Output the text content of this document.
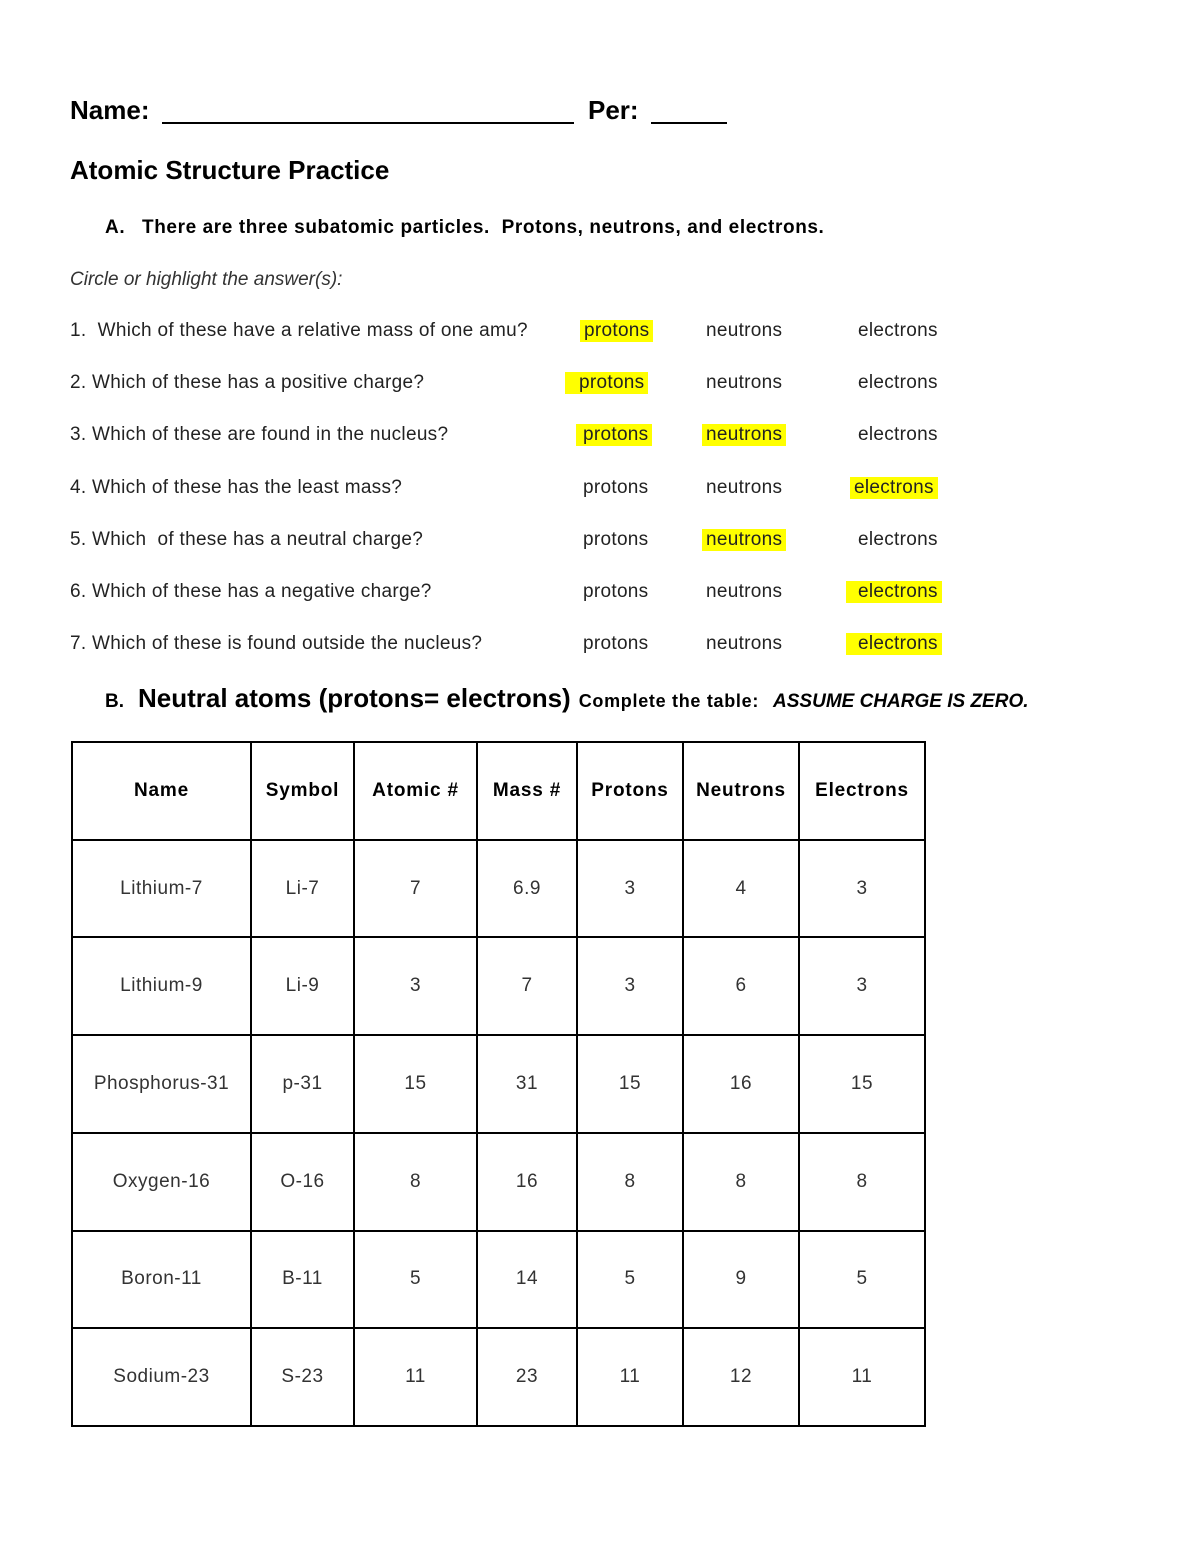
Name:	Per:
Atomic Structure Practice
A. There are three subatomic particles.  Protons, neutrons, and electrons.
Circle or highlight the answer(s):
1.  Which of these have a relative mass of one amu?	protons	neutrons	electrons
2. Which of these has a positive charge?	protons	neutrons	electrons
3. Which of these are found in the nucleus?	protons	neutrons	electrons
4. Which of these has the least mass?	protons	neutrons	electrons
5. Which  of these has a neutral charge?	protons	neutrons	electrons
6. Which of these has a negative charge?	protons	neutrons	electrons
7. Which of these is found outside the nucleus?	protons	neutrons	electrons
B. Neutral atoms (protons= electrons) Complete the table: ASSUME CHARGE IS ZERO.
Name	Symbol	Atomic #	Mass #	Protons	Neutrons	Electrons
Lithium-7	Li-7	7	6.9	3	4	3
Lithium-9	Li-9	3	7	3	6	3
Phosphorus-31	p-31	15	31	15	16	15
Oxygen-16	O-16	8	16	8	8	8
Boron-11	B-11	5	14	5	9	5
Sodium-23	S-23	11	23	11	12	11
